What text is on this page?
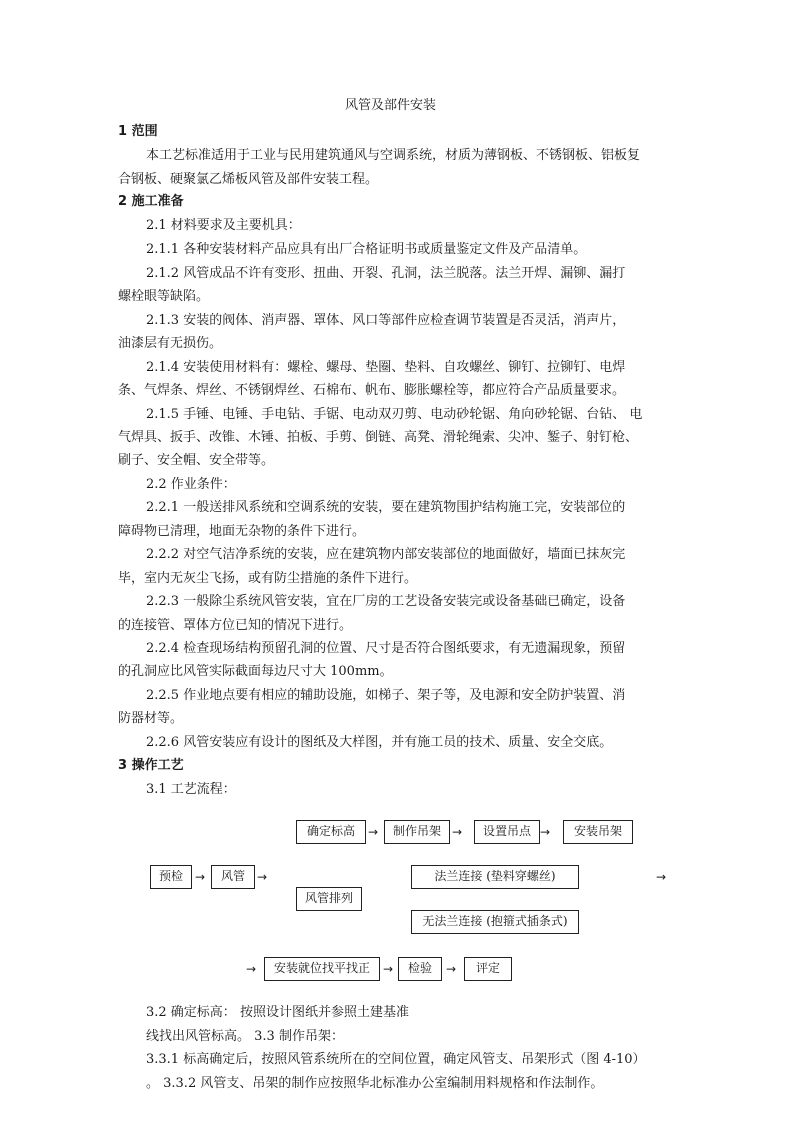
风管及部件安装
1 范围
本工艺标准适用于工业与民用建筑通风与空调系统，材质为薄钢板、不锈钢板、铝板复
合钢板、硬聚氯乙烯板风管及部件安装工程。
2 施工准备
2.1 材料要求及主要机具：
2.1.1 各种安装材料产品应具有出厂合格证明书或质量鉴定文件及产品清单。
2.1.2 风管成品不许有变形、扭曲、开裂、孔洞，法兰脱落。法兰开焊、漏铆、漏打
螺栓眼等缺陷。
2.1.3 安装的阀体、消声器、罩体、风口等部件应检查调节装置是否灵活，消声片，
油漆层有无损伤。
2.1.4 安装使用材料有：螺栓、螺母、垫圈、垫料、自攻螺丝、铆钉、拉铆钉、电焊
条、气焊条、焊丝、不锈钢焊丝、石棉布、帆布、膨胀螺栓等，都应符合产品质量要求。
2.1.5 手锤、电锤、手电钻、手锯、电动双刃剪、电动砂轮锯、角向砂轮锯、台钻、 电
气焊具、扳手、改锥、木锤、拍板、手剪、倒链、高凳、滑轮绳索、尖冲、錾子、射钉枪、
刷子、安全帽、安全带等。
2.2 作业条件：
2.2.1 一般送排风系统和空调系统的安装，要在建筑物围护结构施工完，安装部位的
障碍物已清理，地面无杂物的条件下进行。
2.2.2 对空气洁净系统的安装，应在建筑物内部安装部位的地面做好，墙面已抹灰完
毕，室内无灰尘飞扬，或有防尘措施的条件下进行。
2.2.3 一般除尘系统风管安装，宜在厂房的工艺设备安装完或设备基础已确定，设备
的连接管、罩体方位已知的情况下进行。
2.2.4 检查现场结构预留孔洞的位置、尺寸是否符合图纸要求，有无遗漏现象，预留
的孔洞应比风管实际截面每边尺寸大 100mm。
2.2.5 作业地点要有相应的辅助设施，如梯子、架子等，及电源和安全防护装置、消
防器材等。
2.2.6 风管安装应有设计的图纸及大样图，并有施工员的技术、质量、安全交底。
3 操作工艺
3.1 工艺流程：
确定标高	→	制作吊架 →	设置吊点 →	安装吊架
预检	→	风管	→	法兰连接 (垫料穿螺丝)	→
风管排列
无法兰连接 (抱箍式插条式)
→	安装就位找平找正	→	检验	→	评定
3.2 确定标高： 按照设计图纸并参照土建基准
线找出风管标高。 3.3 制作吊架：
3.3.1 标高确定后，按照风管系统所在的空间位置，确定风管支、吊架形式（图 4-10）
。 3.3.2 风管支、吊架的制作应按照华北标准办公室编制用料规格和作法制作。
